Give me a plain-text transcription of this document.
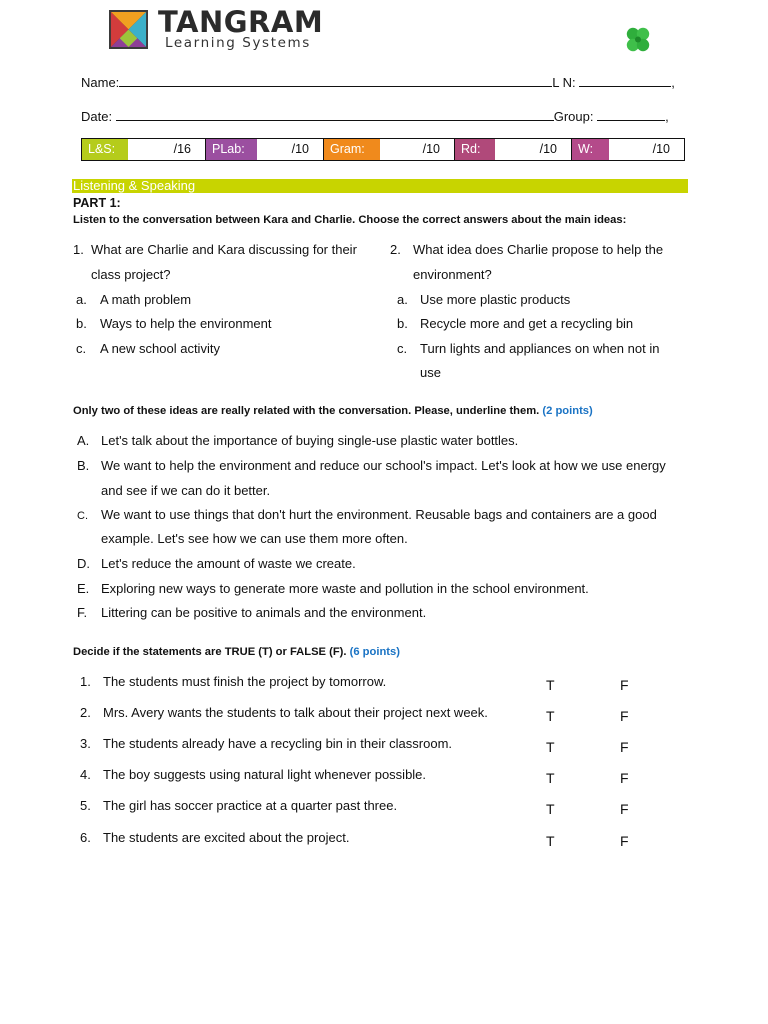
TANGRAM
Learning Systems
Name:	L N:	,
Date:	Group:	,
L&S:	/16	PLab:	/10	Gram:	/10	Rd:	/10	W:	/10
Listening & Speaking
PART 1:
Listen to the conversation between Kara and Charlie. Choose the correct answers about the main ideas:
1. What are Charlie and Kara discussing for their
class project?
a. A math problem
b. Ways to help the environment
c. A new school activity
2. What idea does Charlie propose to help the
environment?
a. Use more plastic products
b. Recycle more and get a recycling bin
c. Turn lights and appliances on when not in
use
Only two of these ideas are really related with the conversation. Please, underline them. (2 points)
A. Let's talk about the importance of buying single-use plastic water bottles.
B. We want to help the environment and reduce our school's impact. Let's look at how we use energy
and see if we can do it better.
C. We want to use things that don't hurt the environment. Reusable bags and containers are a good
example. Let's see how we can use them more often.
D. Let's reduce the amount of waste we create.
E. Exploring new ways to generate more waste and pollution in the school environment.
F. Littering can be positive to animals and the environment.
Decide if the statements are TRUE (T) or FALSE (F). (6 points)
1. The students must finish the project by tomorrow.	T	F
2. Mrs. Avery wants the students to talk about their project next week.	T	F
3. The students already have a recycling bin in their classroom.	T	F
4. The boy suggests using natural light whenever possible.	T	F
5. The girl has soccer practice at a quarter past three.	T	F
6. The students are excited about the project.	T	F
